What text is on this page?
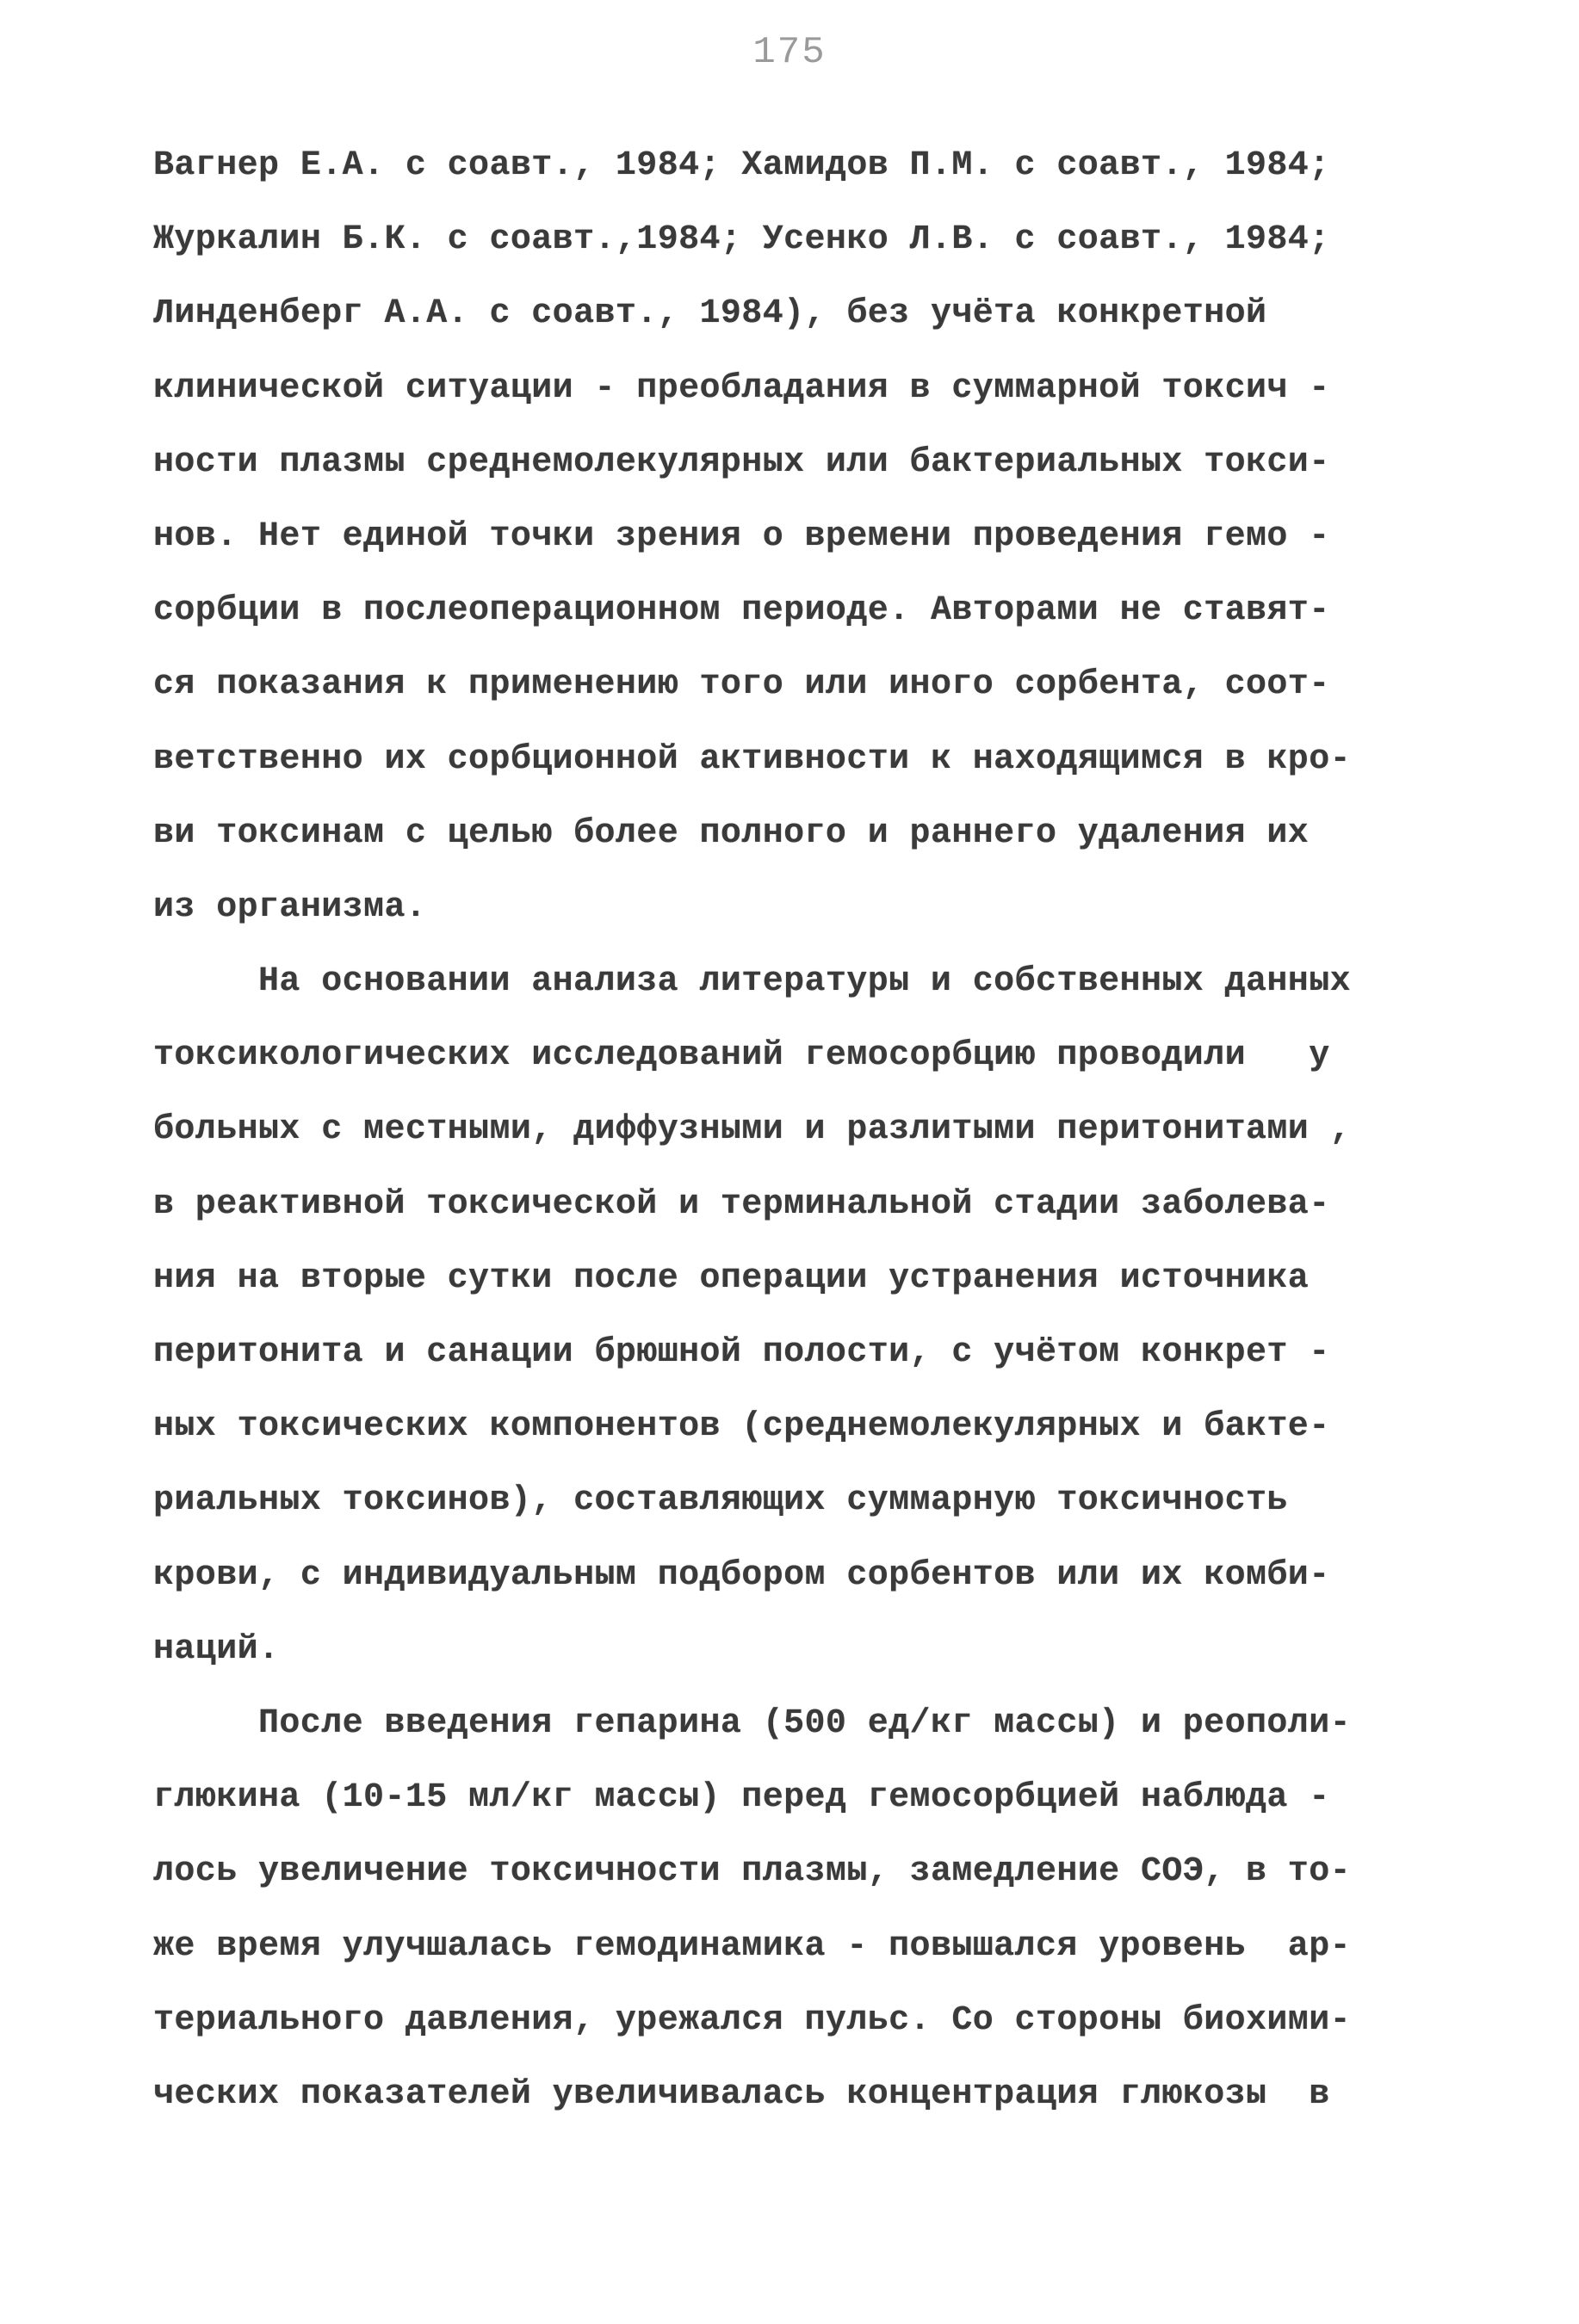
175
Вагнер Е.А. с соавт., 1984; Хамидов П.М. с соавт., 1984;
Журкалин Б.К. с соавт.,1984; Усенко Л.В. с соавт., 1984;
Линденберг А.А. с соавт., 1984), без учёта конкретной
клинической ситуации - преобладания в суммарной токсич -
ности плазмы среднемолекулярных или бактериальных токси-
нов. Нет единой точки зрения о времени проведения гемо -
сорбции в послеоперационном периоде. Авторами не ставят-
ся показания к применению того или иного сорбента, соот-
ветственно их сорбционной активности к находящимся в кро-
ви токсинам с целью более полного и раннего удаления их
из организма.
На основании анализа литературы и собственных данных
токсикологических исследований гемосорбцию проводили   у
больных с местными, диффузными и разлитыми перитонитами ,
в реактивной токсической и терминальной стадии заболева-
ния на вторые сутки после операции устранения источника
перитонита и санации брюшной полости, с учётом конкрет -
ных токсических компонентов (среднемолекулярных и бакте-
риальных токсинов), составляющих суммарную токсичность
крови, с индивидуальным подбором сорбентов или их комби-
наций.
После введения гепарина (500 ед/кг массы) и реополи-
глюкина (10-15 мл/кг массы) перед гемосорбцией наблюда -
лось увеличение токсичности плазмы, замедление СОЭ, в то-
же время улучшалась гемодинамика - повышался уровень  ар-
териального давления, урежался пульс. Со стороны биохими-
ческих показателей увеличивалась концентрация глюкозы  в
